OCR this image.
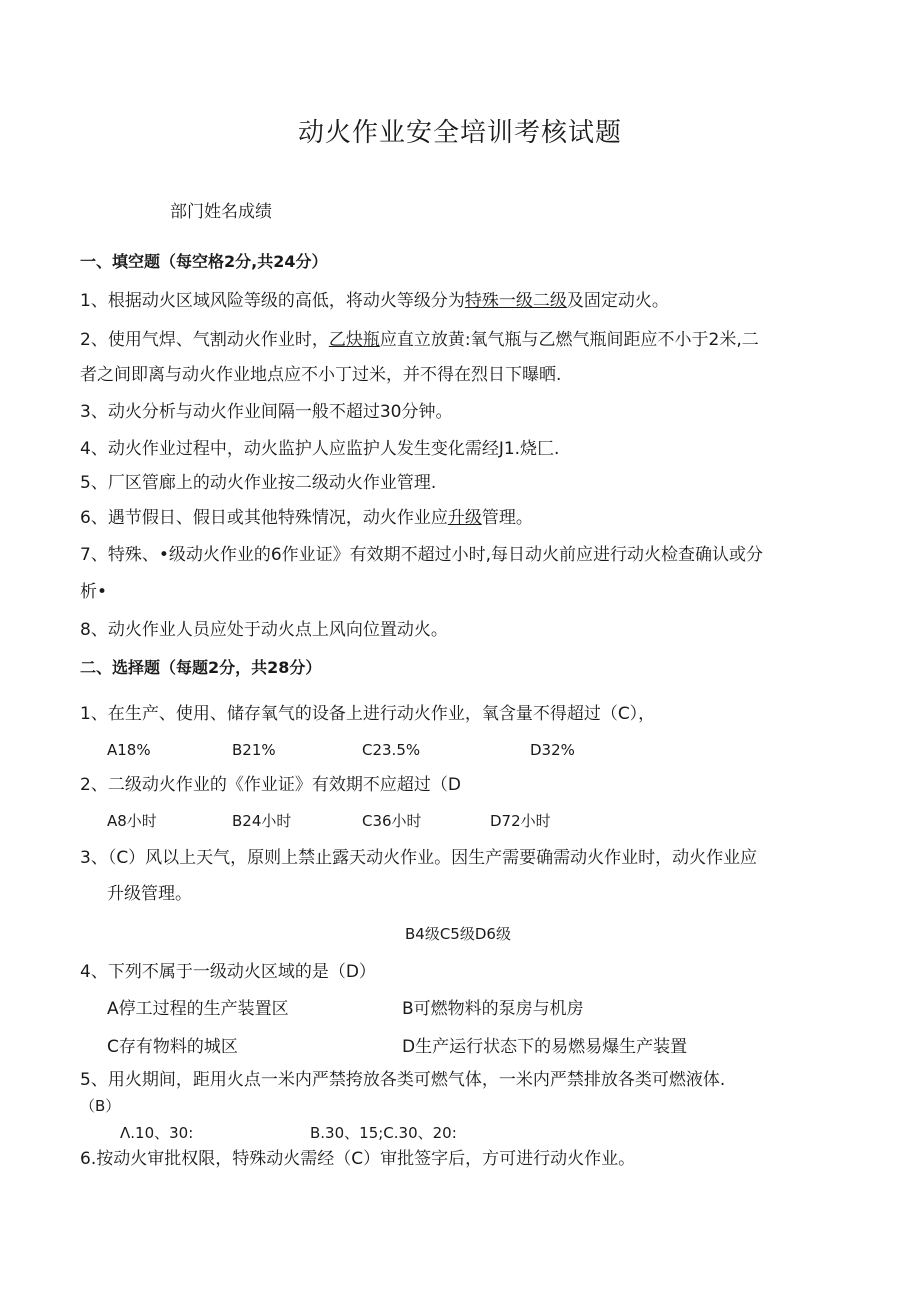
动火作业安全培训考核试题
部门姓名成绩
一、填空题（每空格2分,共24分）
1、根据动火区域风险等级的高低，将动火等级分为特殊一级二级及固定动火。
2、使用气焊、气割动火作业时，乙炔瓶应直立放黄:氧气瓶与乙燃气瓶间距应不小于2米,二
者之间即离与动火作业地点应不小丁过米，并不得在烈日下曝晒.
3、动火分析与动火作业间隔一般不超过30分钟。
4、动火作业过程中，动火监护人应监护人发生变化需经J1.烧匚.
5、厂区管廊上的动火作业按二级动火作业管理.
6、遇节假日、假日或其他特殊情况，动火作业应升级管理。
7、特殊、•级动火作业的6作业证》有效期不超过小时,每日动火前应进行动火检查确认或分
析•
8、动火作业人员应处于动火点上风向位置动火。
二、选择题（每题2分，共28分）
1、在生产、使用、储存氧气的设备上进行动火作业，氧含量不得超过（C），
A18%	B21%	C23.5%	D32%
2、二级动火作业的《作业证》有效期不应超过（D
A8小时	B24小时	C36小时	D72小时
3、（C）风以上天气，原则上禁止露天动火作业。因生产需要确需动火作业时，动火作业应
升级管理。
B4级C5级D6级
4、下列不属于一级动火区域的是（D）
A停工过程的生产装置区	B可燃物料的泵房与机房
C存有物料的城区	D生产运行状态下的易燃易爆生产装置
5、用火期间，距用火点一米内严禁挎放各类可燃气体，一米内严禁排放各类可燃液体.
（B）
Λ.10、30:	B.30、15;C.30、20:
6.按动火审批权限，特殊动火需经（C）审批签字后，方可进行动火作业。
